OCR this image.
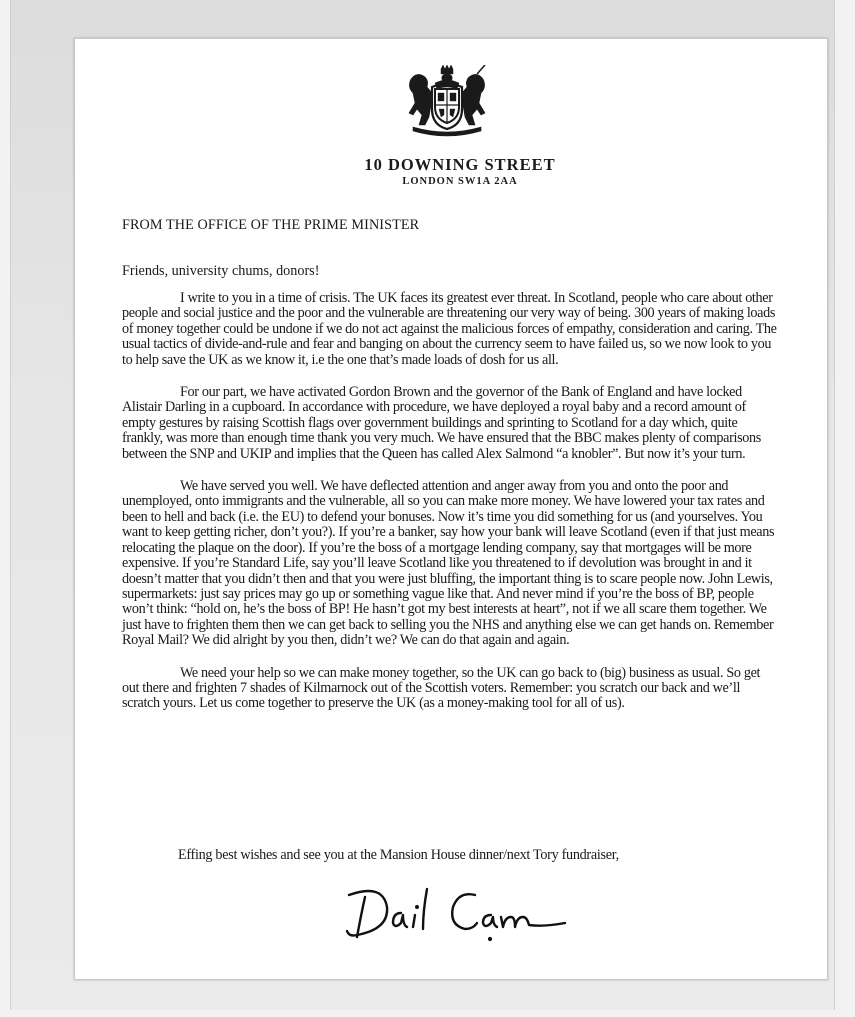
10 DOWNING STREET
LONDON SW1A 2AA
FROM THE OFFICE OF THE PRIME MINISTER
Friends, university chums, donors!

I write to you in a time of crisis. The UK faces its greatest ever threat. In Scotland, people who care about other people and social justice and the poor and the vulnerable are threatening our very way of being. 300 years of making loads of money together could be undone if we do not act against the malicious forces of empathy, consideration and caring. The usual tactics of divide-and-rule and fear and banging on about the currency seem to have failed us, so we now look to you to help save the UK as we know it, i.e the one that’s made loads of dosh for us all.

For our part, we have activated Gordon Brown and the governor of the Bank of England and have locked Alistair Darling in a cupboard. In accordance with procedure, we have deployed a royal baby and a record amount of empty gestures by raising Scottish flags over government buildings and sprinting to Scotland for a day which, quite frankly, was more than enough time thank you very much. We have ensured that the BBC makes plenty of comparisons between the SNP and UKIP and implies that the Queen has called Alex Salmond “a knobler”. But now it’s your turn.

We have served you well. We have deflected attention and anger away from you and onto the poor and unemployed, onto immigrants and the vulnerable, all so you can make more money. We have lowered your tax rates and been to hell and back (i.e. the EU) to defend your bonuses. Now it’s time you did something for us (and yourselves. You want to keep getting richer, don’t you?). If you’re a banker, say how your bank will leave Scotland (even if that just means relocating the plaque on the door). If you’re the boss of a mortgage lending company, say that mortgages will be more expensive. If you’re Standard Life, say you’ll leave Scotland like you threatened to if devolution was brought in and it doesn’t matter that you didn’t then and that you were just bluffing, the important thing is to scare people now. John Lewis, supermarkets: just say prices may go up or something vague like that. And never mind if you’re the boss of BP, people won’t think: “hold on, he’s the boss of BP! He hasn’t got my best interests at heart”, not if we all scare them together. We just have to frighten them then we can get back to selling you the NHS and anything else we can get hands on. Remember Royal Mail? We did alright by you then, didn’t we? We can do that again and again.

We need your help so we can make money together, so the UK can go back to (big) business as usual. So get out there and frighten 7 shades of Kilmarnock out of the Scottish voters. Remember: you scratch our back and we’ll scratch yours. Let us come together to preserve the UK (as a money-making tool for all of us).

Effing best wishes and see you at the Mansion House dinner/next Tory fundraiser,
